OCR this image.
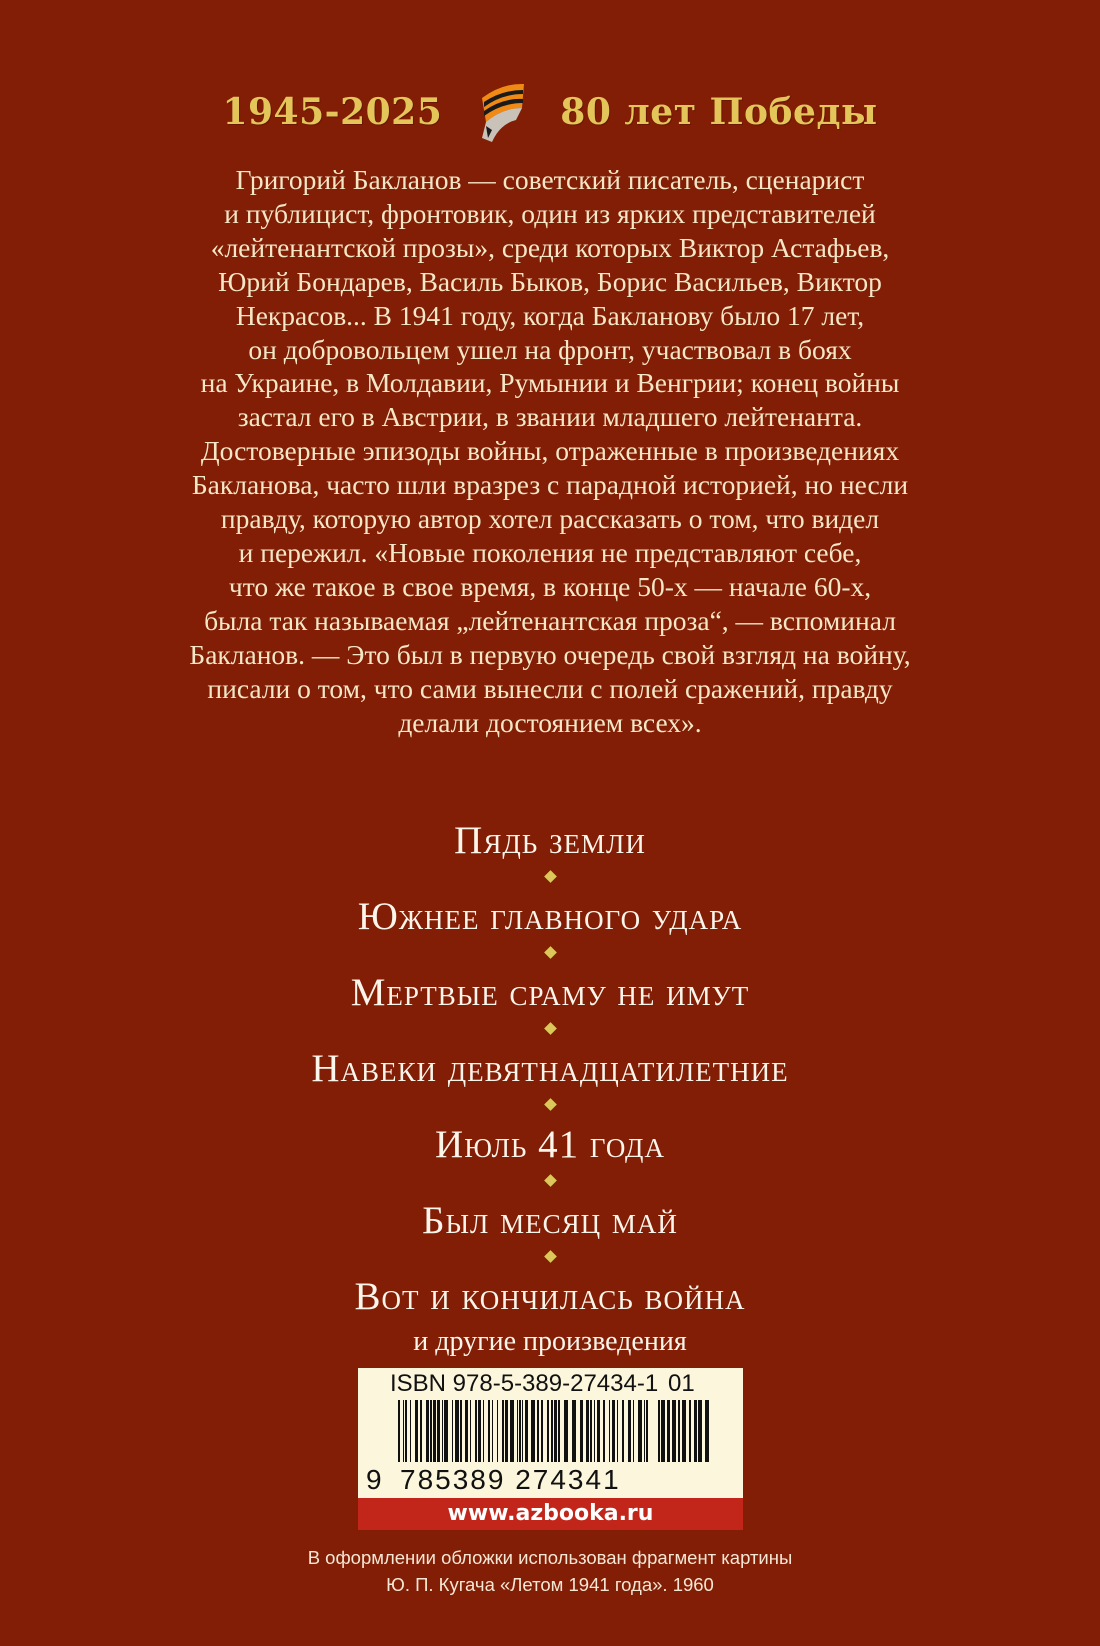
1945-2025	80 лет Победы
Григорий Бакланов — советский писатель, сценарист
и публицист, фронтовик, один из ярких представителей
«лейтенантской прозы», среди которых Виктор Астафьев,
Юрий Бондарев, Василь Быков, Борис Васильев, Виктор
Некрасов... В 1941 году, когда Бакланову было 17 лет,
он добровольцем ушел на фронт, участвовал в боях
на Украине, в Молдавии, Румынии и Венгрии; конец войны
застал его в Австрии, в звании младшего лейтенанта.
Достоверные эпизоды войны, отраженные в произведениях
Бакланова, часто шли вразрез с парадной историей, но несли
правду, которую автор хотел рассказать о том, что видел
и пережил. «Новые поколения не представляют себе,
что же такое в свое время, в конце 50-х — начале 60-х,
была так называемая „лейтенантская проза“, — вспоминал
Бакланов. — Это был в первую очередь свой взгляд на войну,
писали о том, что сами вынесли с полей сражений, правду
делали достоянием всех».
Пядь земли
Южнее главного удара
Мертвые сраму не имут
Навеки девятнадцатилетние
Июль 41 года
Был месяц май
Вот и кончилась война
и другие произведения
ISBN 978-5-389-27434-1 01
9 785389 274341
www.azbooka.ru
В оформлении обложки использован фрагмент картины
Ю. П. Кугача «Летом 1941 года». 1960
